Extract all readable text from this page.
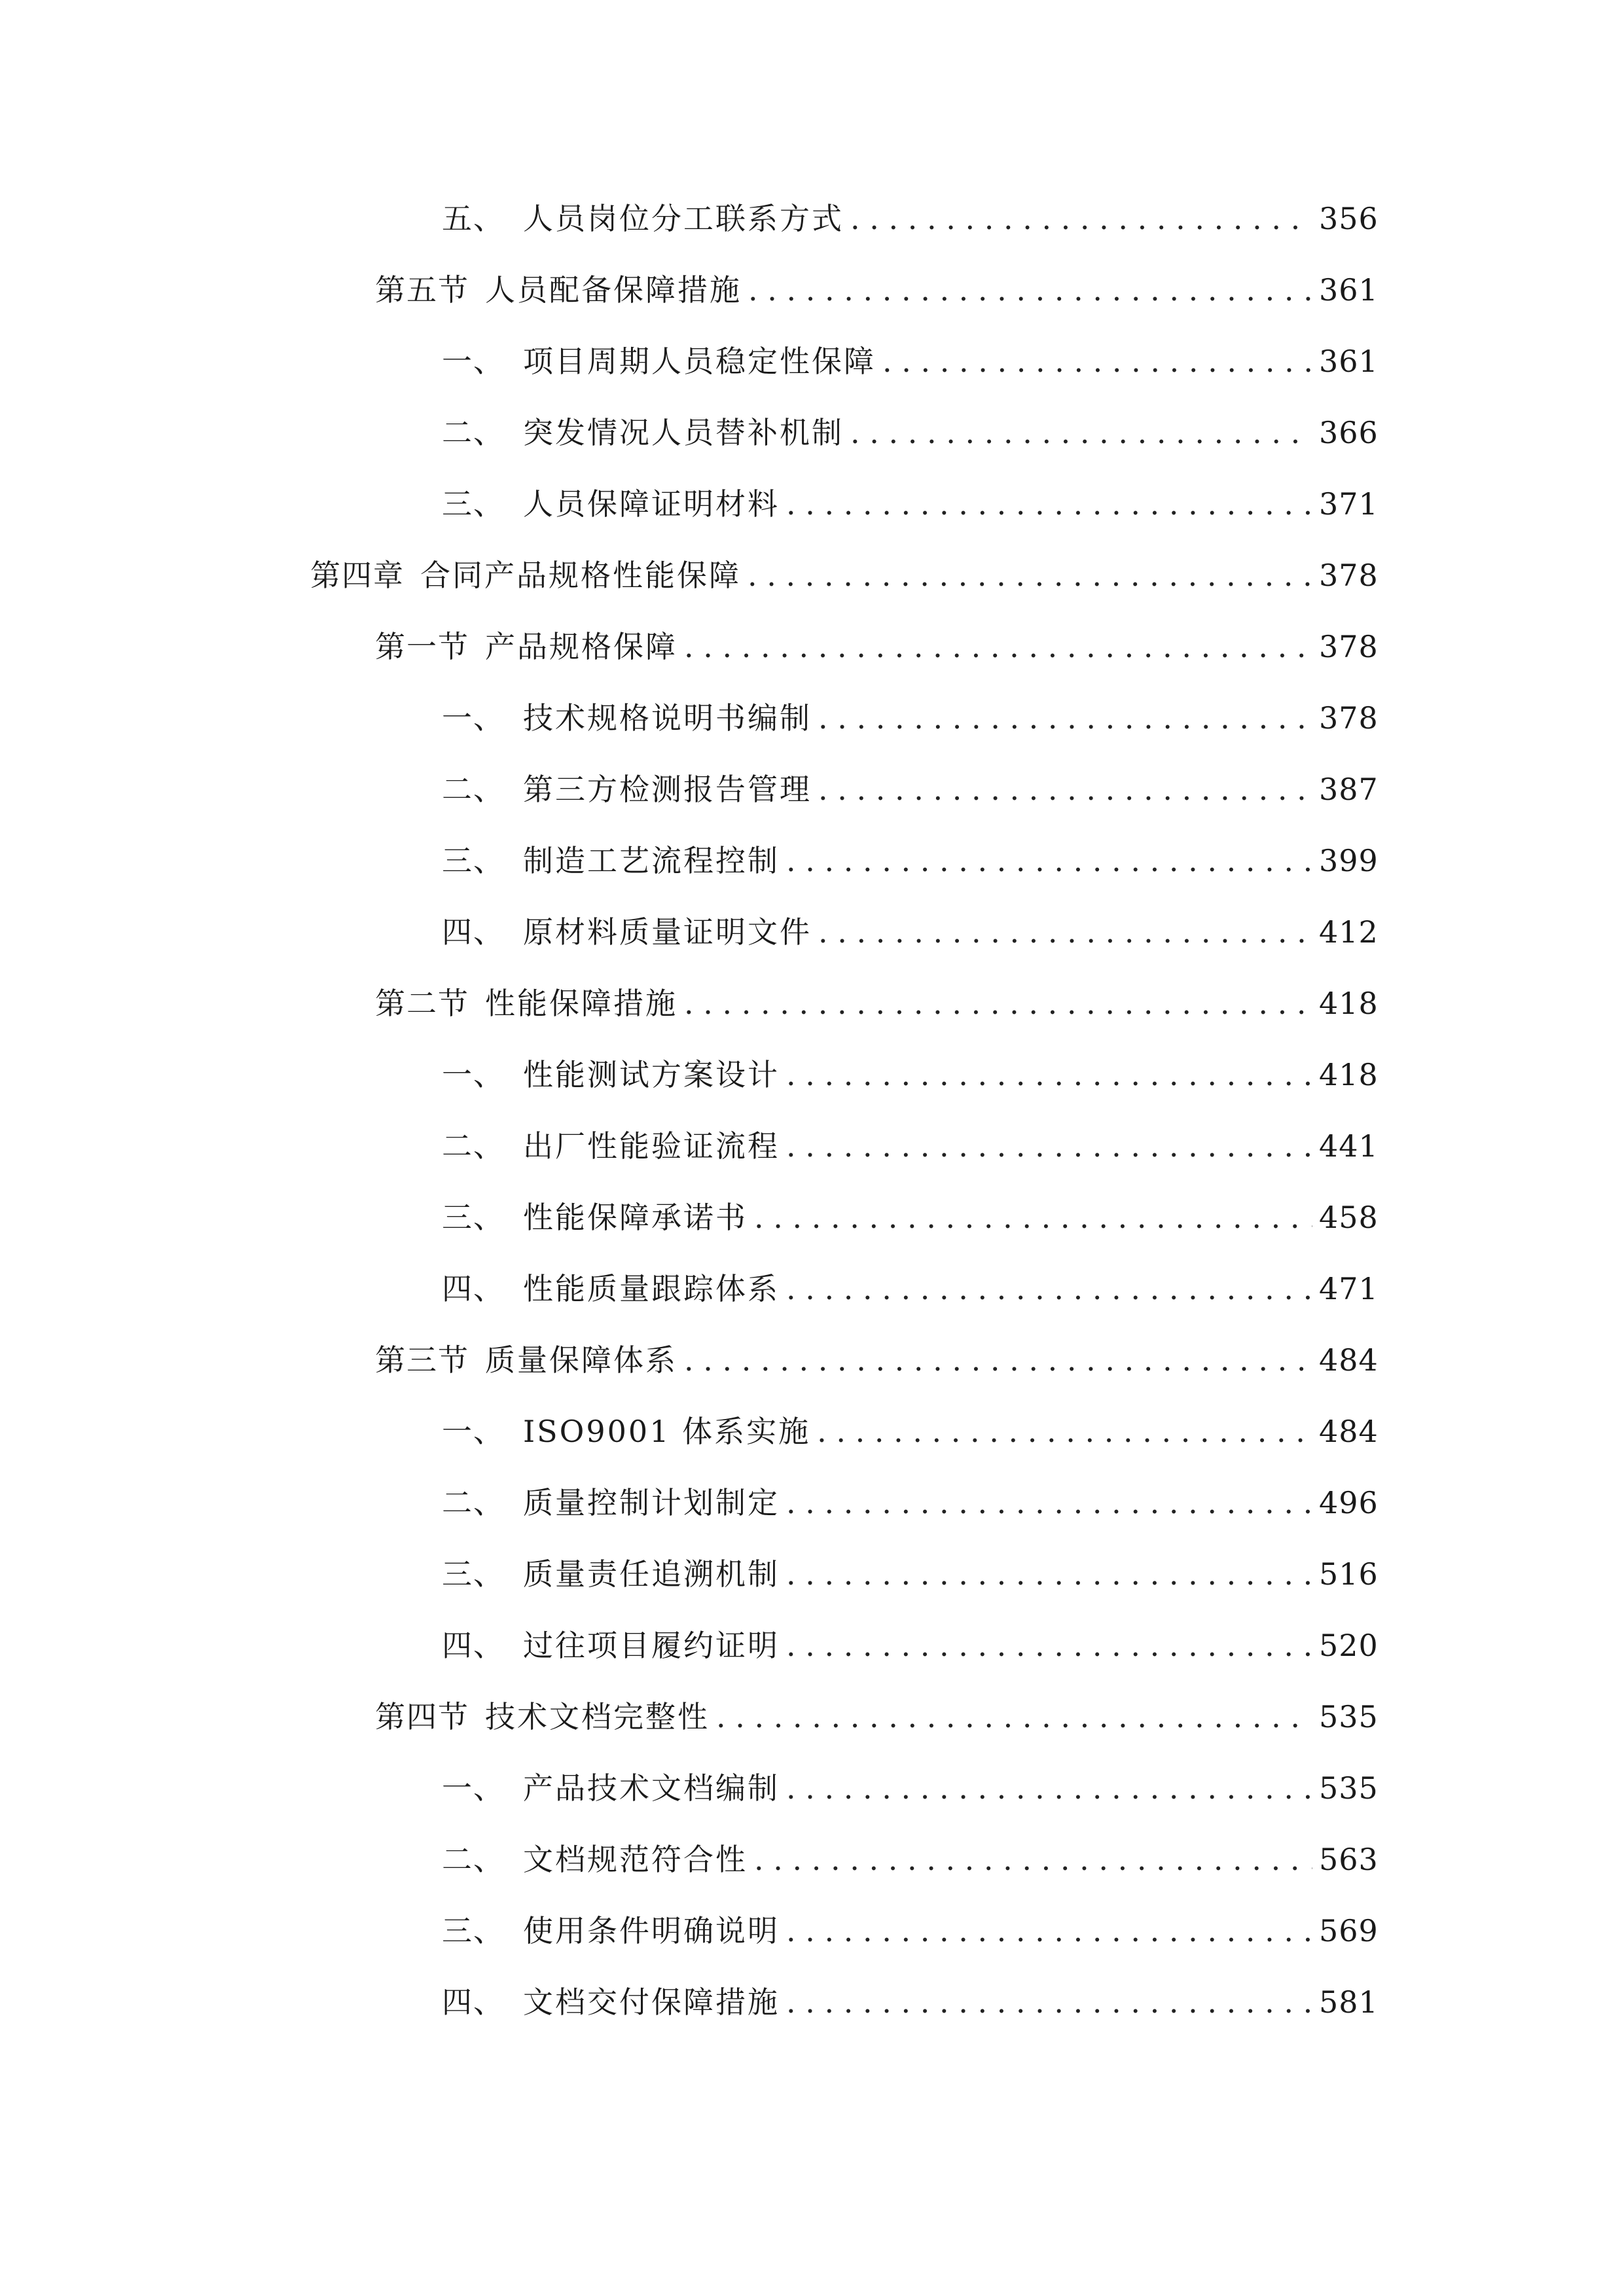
五、 人员岗位分工联系方式 . . .	356
第五节 人员配备保障措施 . . .	361
一、 项目周期人员稳定性保障 . . .	361
二、 突发情况人员替补机制 . . .	366
三、 人员保障证明材料 . . .	371
第四章 合同产品规格性能保障 . . .	378
第一节 产品规格保障 . . .	378
一、 技术规格说明书编制 . . .	378
二、 第三方检测报告管理 . . .	387
三、 制造工艺流程控制 . . .	399
四、 原材料质量证明文件 . . .	412
第二节 性能保障措施 . . .	418
一、 性能测试方案设计 . . .	418
二、 出厂性能验证流程 . . .	441
三、 性能保障承诺书 . . .	458
四、 性能质量跟踪体系 . . .	471
第三节 质量保障体系 . . .	484
一、 ISO9001 体系实施 . . .	484
二、 质量控制计划制定 . . .	496
三、 质量责任追溯机制 . . .	516
四、 过往项目履约证明 . . .	520
第四节 技术文档完整性 . . .	535
一、 产品技术文档编制 . . .	535
二、 文档规范符合性 . . .	563
三、 使用条件明确说明 . . .	569
四、 文档交付保障措施 . . .	581
